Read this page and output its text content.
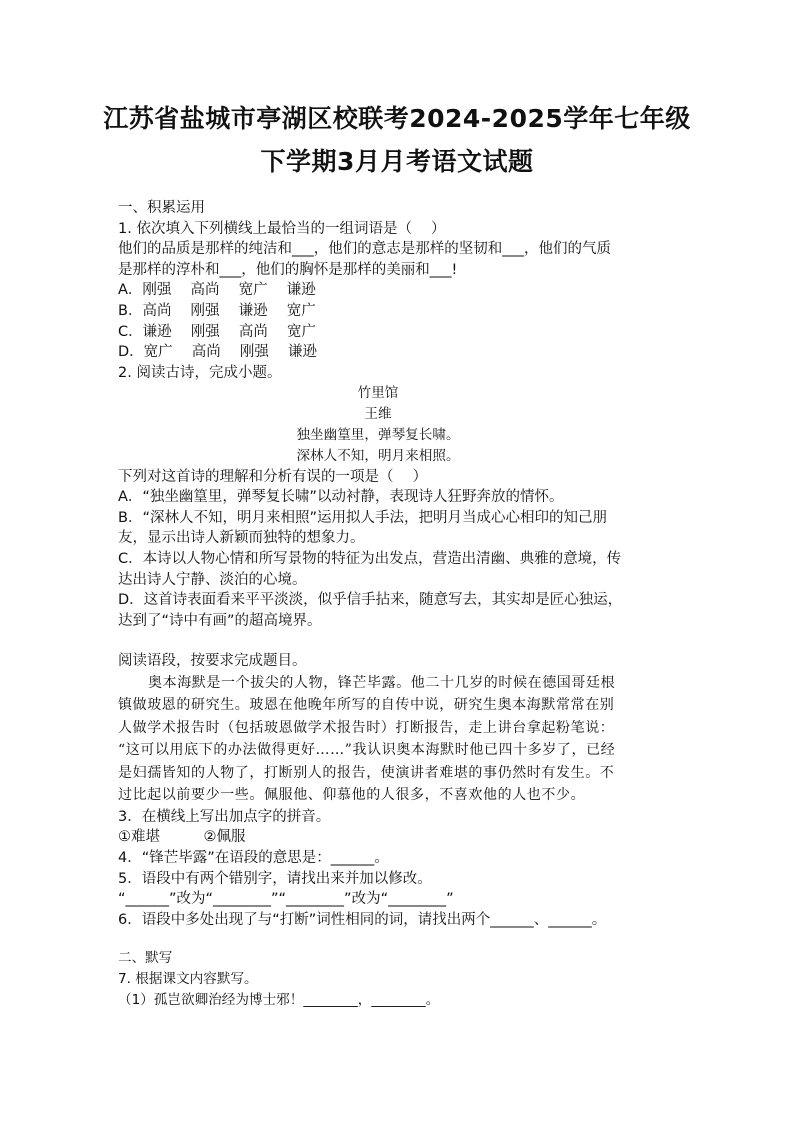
江苏省盐城市亭湖区校联考2024-2025学年七年级
下学期3月月考语文试题
一、积累运用
1. 依次填入下列横线上最恰当的一组词语是（　 ）
他们的品质是那样的纯洁和___，他们的意志是那样的坚韧和___，他们的气质
是那样的淳朴和___，他们的胸怀是那样的美丽和___!
A．刚强　 高尚　 宽广　 谦逊
B．高尚　 刚强　 谦逊　 宽广
C．谦逊　 刚强　 高尚　 宽广
D．宽广　 高尚　 刚强　 谦逊
2. 阅读古诗，完成小题。
竹里馆
王维
独坐幽篁里，弹琴复长啸。
深林人不知，明月来相照。
下列对这首诗的理解和分析有误的一项是（　 ）
A．“独坐幽篁里，弹琴复长啸”以动衬静，表现诗人狂野奔放的情怀。
B．“深林人不知，明月来相照”运用拟人手法，把明月当成心心相印的知己朋
友，显示出诗人新颖而独特的想象力。
C．本诗以人物心情和所写景物的特征为出发点，营造出清幽、典雅的意境，传
达出诗人宁静、淡泊的心境。
D．这首诗表面看来平平淡淡，似乎信手拈来，随意写去，其实却是匠心独运，
达到了“诗中有画”的超高境界。
阅读语段，按要求完成题目。
奥本海默是一个拔尖的人物，锋芒毕露。他二十几岁的时候在德国哥廷根
镇做玻恩的研究生。玻恩在他晚年所写的自传中说，研究生奥本海默常常在别
人做学术报告时（包括玻恩做学术报告时）打断报告，走上讲台拿起粉笔说：
“这可以用底下的办法做得更好……”我认识奥本海默时他已四十多岁了，已经
是妇孺皆知的人物了，打断别人的报告，使演讲者难堪的事仍然时有发生。不
过比起以前要少一些。佩服他、仰慕他的人很多，不喜欢他的人也不少。
3．在横线上写出加点字的拼音。
①难堪　　　②佩服
4．“锋芒毕露”在语段的意思是：______。
5．语段中有两个错别字，请找出来并加以修改。
“______”改为“________”“________”改为“________”
6．语段中多处出现了与“打断”词性相同的词，请找出两个______、______。
二、默写
7. 根据课文内容默写。
（1）孤岂欲卿治经为博士邪！________，________。
